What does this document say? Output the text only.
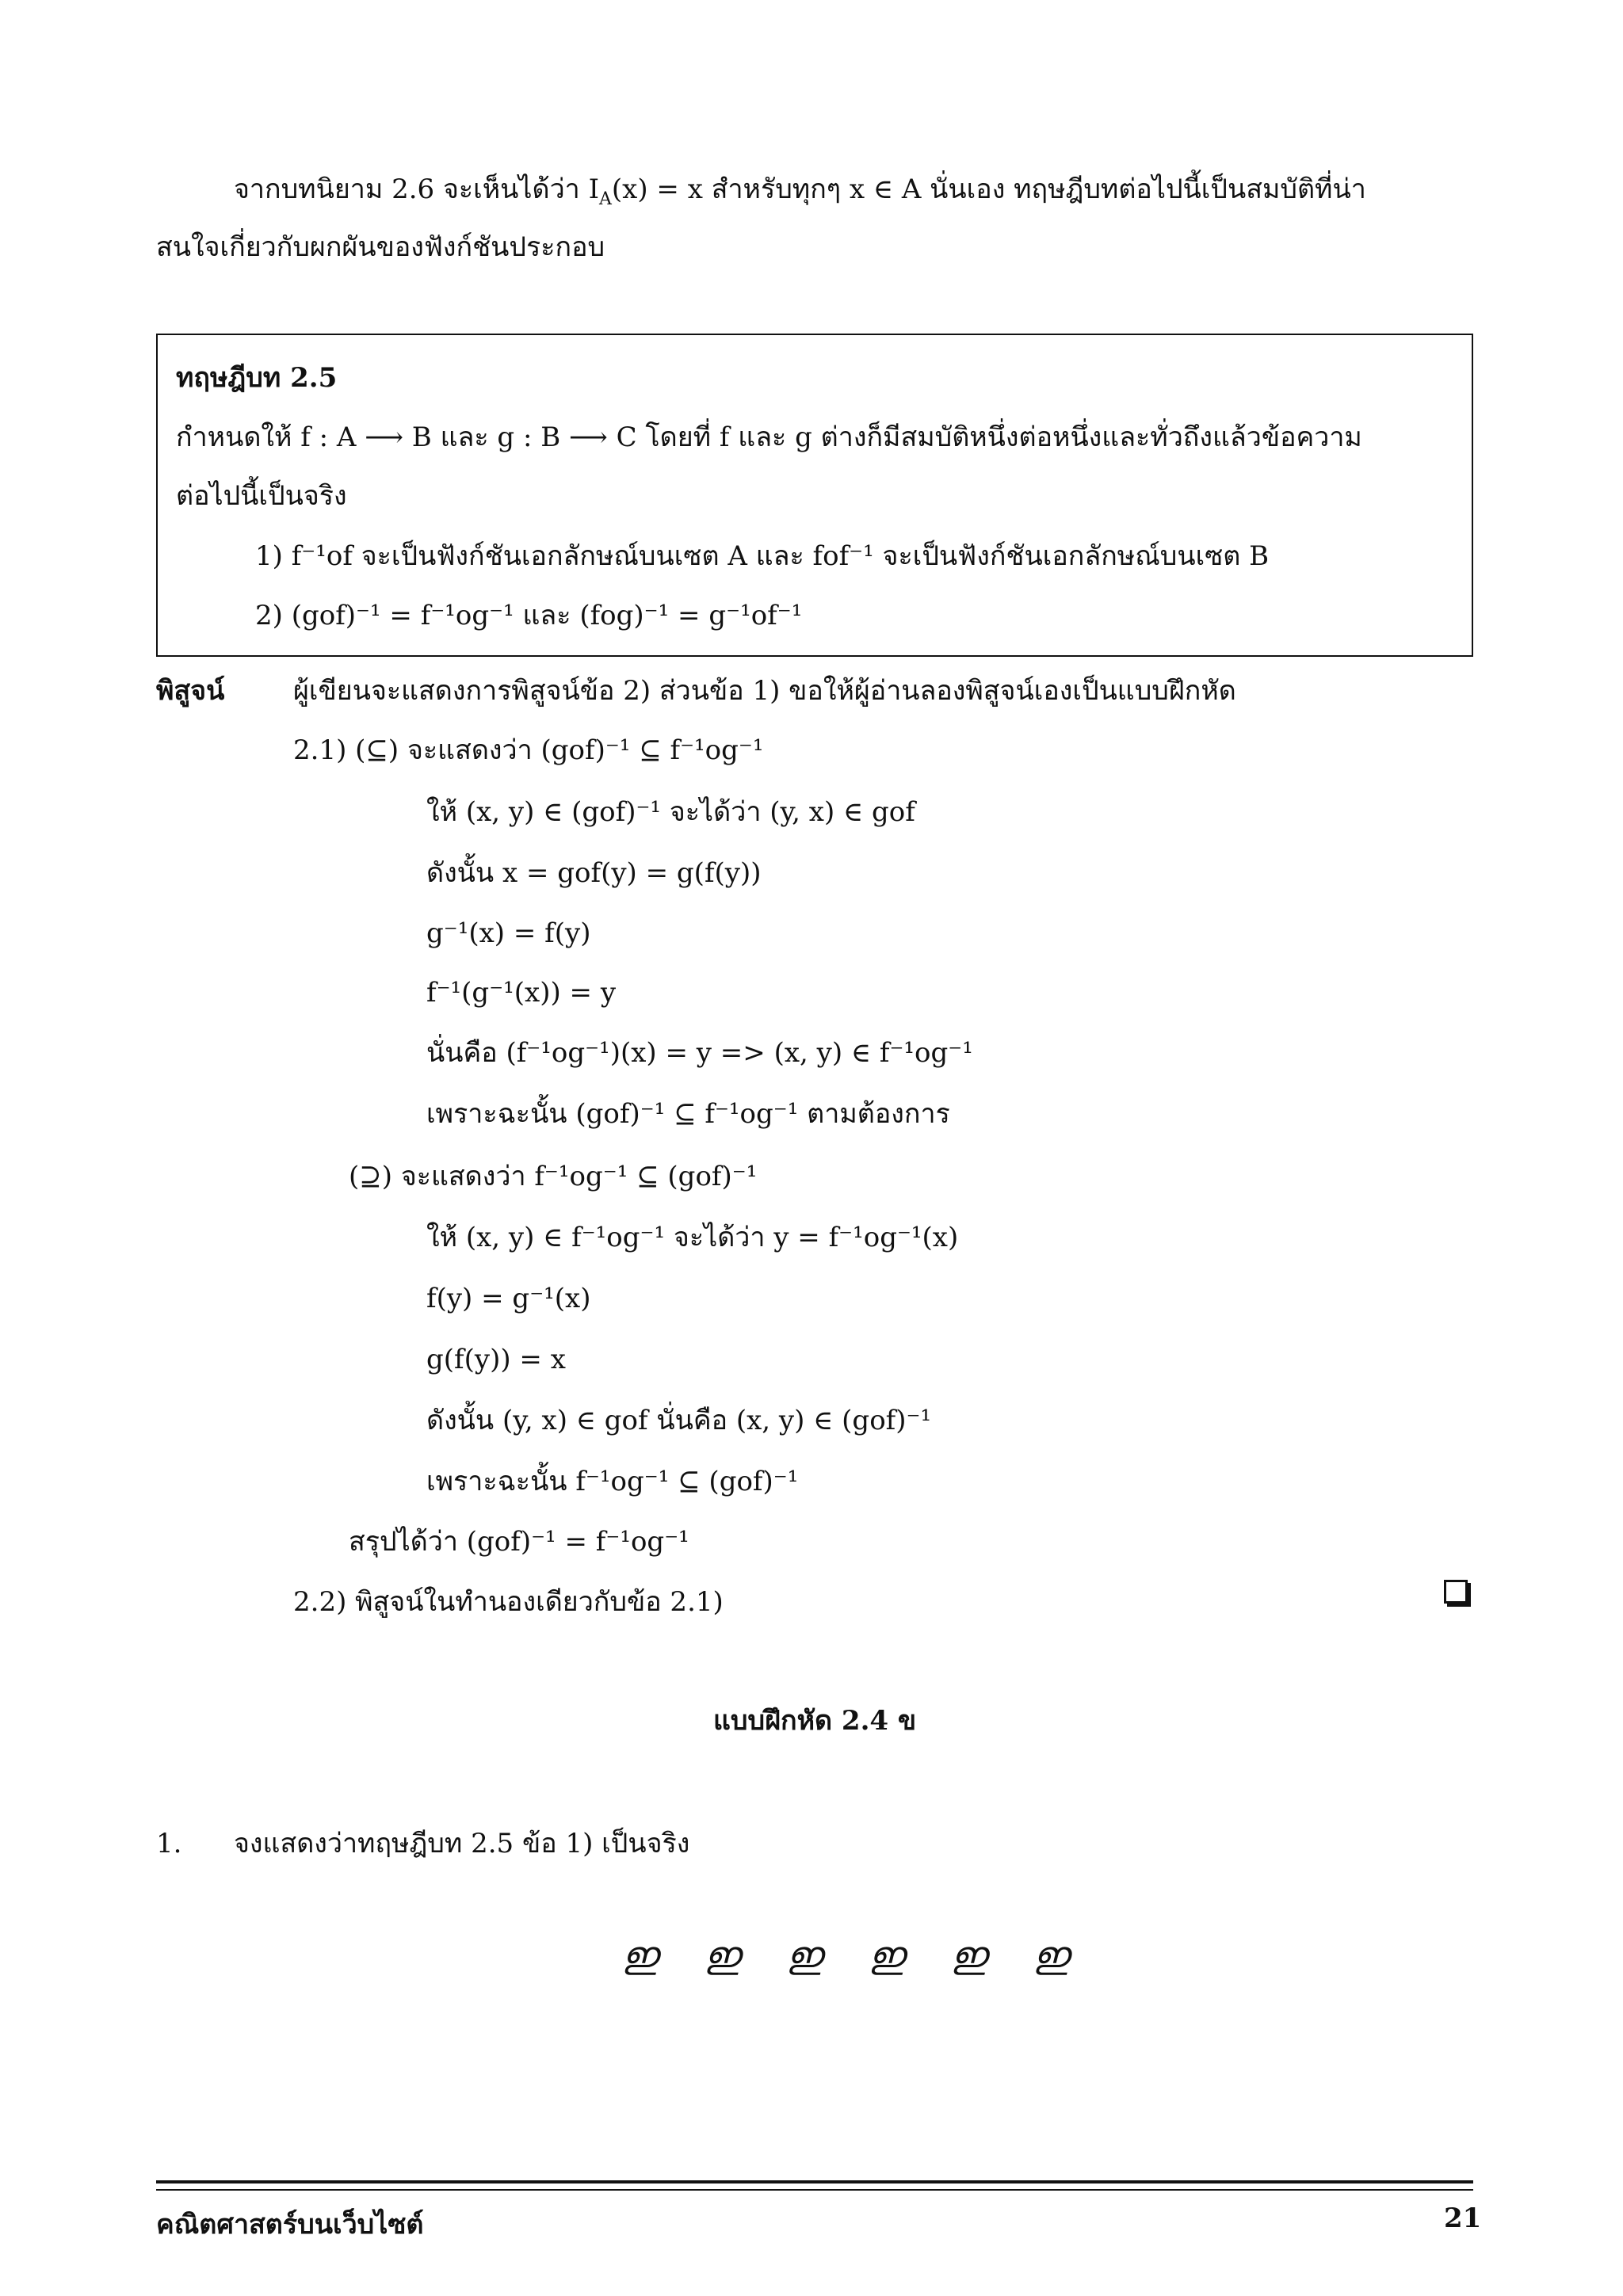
จากบทนิยาม 2.6 จะเห็นได้ว่า $I_A(x) = x$ สำหรับทุกๆ x ∈ A นั่นเอง ทฤษฎีบทต่อไปนี้เป็นสมบัติที่น่า
สนใจเกี่ยวกับผกผันของฟังก์ชันประกอบ
ทฤษฎีบท 2.5
กำหนดให้ f : A ⟶ B และ g : B ⟶ C โดยที่ f และ g ต่างก็มีสมบัติหนึ่งต่อหนึ่งและทั่วถึงแล้วข้อความ
ต่อไปนี้เป็นจริง
1) f⁻¹of จะเป็นฟังก์ชันเอกลักษณ์บนเซต A และ fof⁻¹ จะเป็นฟังก์ชันเอกลักษณ์บนเซต B
2) (gof)⁻¹ = f⁻¹og⁻¹ และ (fog)⁻¹ = g⁻¹of⁻¹
พิสูจน์	ผู้เขียนจะแสดงการพิสูจน์ข้อ 2) ส่วนข้อ 1) ขอให้ผู้อ่านลองพิสูจน์เองเป็นแบบฝึกหัด
2.1) (⊆) จะแสดงว่า (gof)⁻¹ ⊆ f⁻¹og⁻¹
ให้ (x, y) ∈ (gof)⁻¹ จะได้ว่า (y, x) ∈ gof
ดังนั้น x = gof(y) = g(f(y))
g⁻¹(x) = f(y)
f⁻¹(g⁻¹(x)) = y
นั่นคือ (f⁻¹og⁻¹)(x) = y => (x, y) ∈ f⁻¹og⁻¹
เพราะฉะนั้น (gof)⁻¹ ⊆ f⁻¹og⁻¹ ตามต้องการ
(⊇) จะแสดงว่า f⁻¹og⁻¹ ⊆ (gof)⁻¹
ให้ (x, y) ∈ f⁻¹og⁻¹ จะได้ว่า y = f⁻¹og⁻¹(x)
f(y) = g⁻¹(x)
g(f(y)) = x
ดังนั้น (y, x) ∈ gof นั่นคือ (x, y) ∈ (gof)⁻¹
เพราะฉะนั้น f⁻¹og⁻¹ ⊆ (gof)⁻¹
สรุปได้ว่า (gof)⁻¹ = f⁻¹og⁻¹
2.2) พิสูจน์ในทำนองเดียวกับข้อ 2.1)
แบบฝึกหัด 2.4 ข
1. จงแสดงว่าทฤษฎีบท 2.5 ข้อ 1) เป็นจริง
ഇ ഇ ഇ ഇ ഇ ഇ
คณิตศาสตร์บนเว็บไซต์	21
